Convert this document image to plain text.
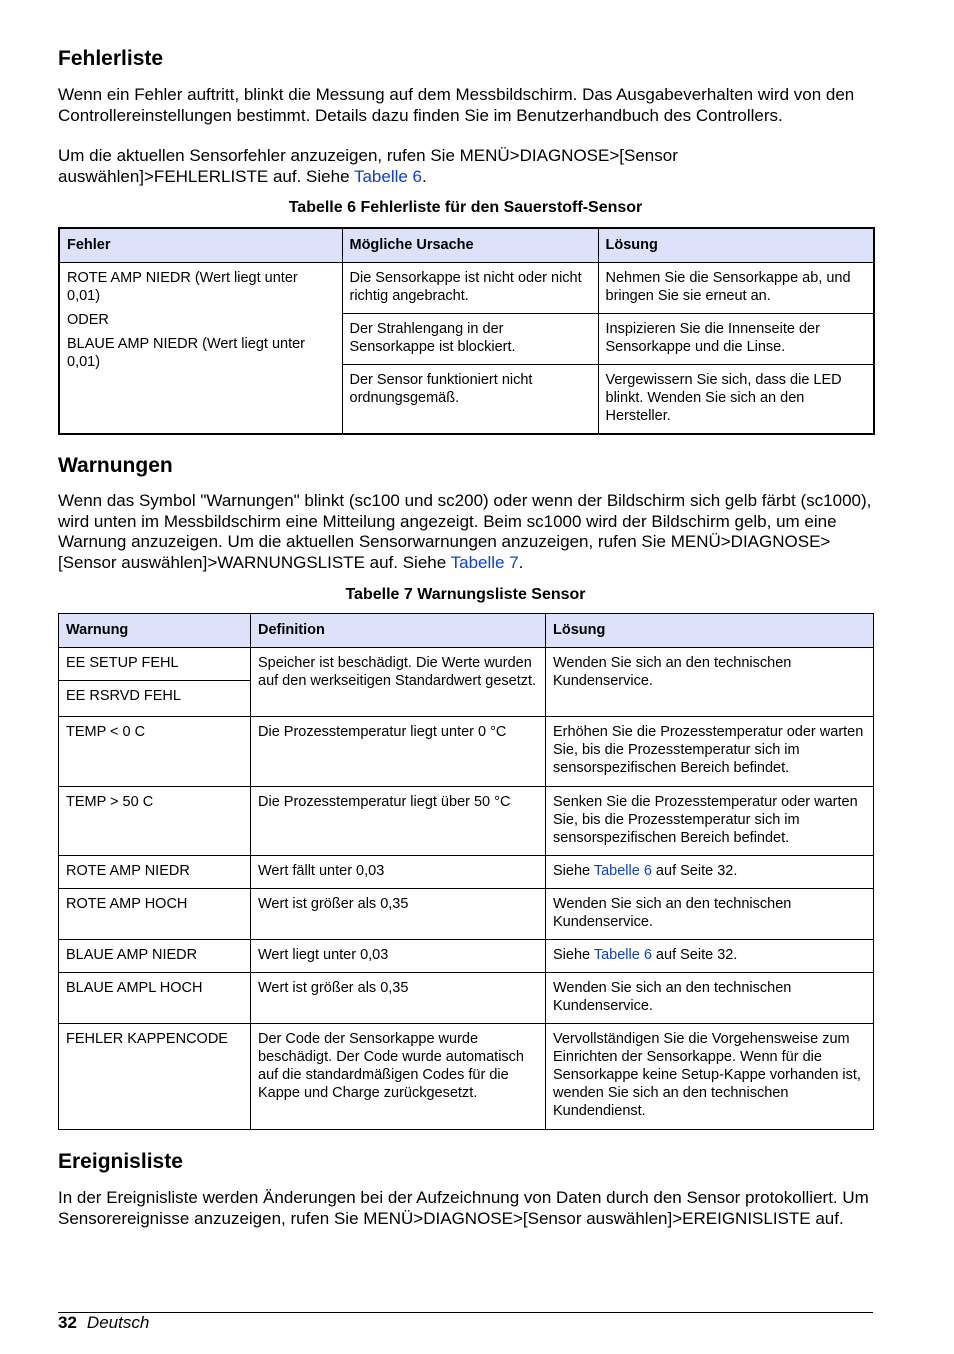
Fehlerliste

Wenn ein Fehler auftritt, blinkt die Messung auf dem Messbildschirm. Das Ausgabeverhalten wird von den Controllereinstellungen bestimmt. Details dazu finden Sie im Benutzerhandbuch des Controllers.

Um die aktuellen Sensorfehler anzuzeigen, rufen Sie MENÜ>DIAGNOSE>[Sensor auswählen]>FEHLERLISTE auf. Siehe Tabelle 6.

Tabelle 6 Fehlerliste für den Sauerstoff-Sensor
Fehler	Mögliche Ursache	Lösung

ROTE AMP NIEDR (Wert liegt unter 0,01)

ODER

BLAUE AMP NIEDR (Wert liegt unter 0,01)	Die Sensorkappe ist nicht oder nicht richtig angebracht.	Nehmen Sie die Sensorkappe ab, und bringen Sie sie erneut an.
	Der Strahlengang in der Sensorkappe ist blockiert.	Inspizieren Sie die Innenseite der Sensorkappe und die Linse.
	Der Sensor funktioniert nicht ordnungsgemäß.	Vergewissern Sie sich, dass die LED blinkt. Wenden Sie sich an den Hersteller.
Warnungen

Wenn das Symbol "Warnungen" blinkt (sc100 und sc200) oder wenn der Bildschirm sich gelb färbt (sc1000), wird unten im Messbildschirm eine Mitteilung angezeigt. Beim sc1000 wird der Bildschirm gelb, um eine Warnung anzuzeigen. Um die aktuellen Sensorwarnungen anzuzeigen, rufen Sie MENÜ>DIAGNOSE>[Sensor auswählen]>WARNUNGSLISTE auf. Siehe Tabelle 7.

Tabelle 7 Warnungsliste Sensor
Warnung	Definition	Lösung
EE SETUP FEHL	Speicher ist beschädigt. Die Werte wurden auf den werkseitigen Standardwert gesetzt.	Wenden Sie sich an den technischen Kundenservice.
EE RSRVD FEHL		
TEMP < 0 C	Die Prozesstemperatur liegt unter 0 °C	Erhöhen Sie die Prozesstemperatur oder warten Sie, bis die Prozesstemperatur sich im sensorspezifischen Bereich befindet.
TEMP > 50 C	Die Prozesstemperatur liegt über 50 °C	Senken Sie die Prozesstemperatur oder warten Sie, bis die Prozesstemperatur sich im sensorspezifischen Bereich befindet.
ROTE AMP NIEDR	Wert fällt unter 0,03	Siehe Tabelle 6 auf Seite 32.
ROTE AMP HOCH	Wert ist größer als 0,35	Wenden Sie sich an den technischen Kundenservice.
BLAUE AMP NIEDR	Wert liegt unter 0,03	Siehe Tabelle 6 auf Seite 32.
BLAUE AMPL HOCH	Wert ist größer als 0,35	Wenden Sie sich an den technischen Kundenservice.
FEHLER KAPPENCODE	Der Code der Sensorkappe wurde beschädigt. Der Code wurde automatisch auf die standardmäßigen Codes für die Kappe und Charge zurückgesetzt.	Vervollständigen Sie die Vorgehensweise zum Einrichten der Sensorkappe. Wenn für die Sensorkappe keine Setup-Kappe vorhanden ist, wenden Sie sich an den technischen Kundendienst.
Ereignisliste

In der Ereignisliste werden Änderungen bei der Aufzeichnung von Daten durch den Sensor protokolliert. Um Sensorereignisse anzuzeigen, rufen Sie MENÜ>DIAGNOSE>[Sensor auswählen]>EREIGNISLISTE auf.

32 Deutsch
